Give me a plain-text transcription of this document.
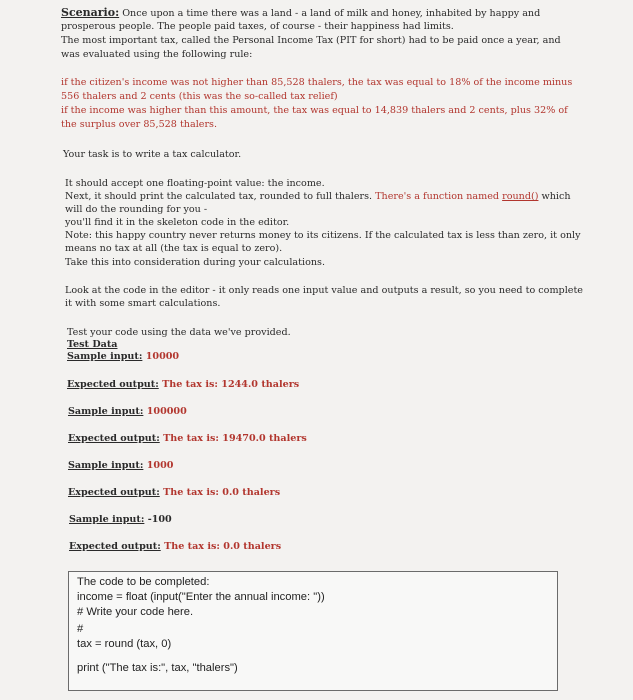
Scenario: Once upon a time there was a land - a land of milk and honey, inhabited by happy and
prosperous people. The people paid taxes, of course - their happiness had limits.
The most important tax, called the Personal Income Tax (PIT for short) had to be paid once a year, and
was evaluated using the following rule:
if the citizen's income was not higher than 85,528 thalers, the tax was equal to 18% of the income minus
556 thalers and 2 cents (this was the so-called tax relief)
if the income was higher than this amount, the tax was equal to 14,839 thalers and 2 cents, plus 32% of
the surplus over 85,528 thalers.
Your task is to write a tax calculator.
It should accept one floating-point value: the income.
Next, it should print the calculated tax, rounded to full thalers. There's a function named round() which
will do the rounding for you -
you'll find it in the skeleton code in the editor.
Note: this happy country never returns money to its citizens. If the calculated tax is less than zero, it only
means no tax at all (the tax is equal to zero).
Take this into consideration during your calculations.
Look at the code in the editor - it only reads one input value and outputs a result, so you need to complete
it with some smart calculations.
Test your code using the data we've provided.
Test Data
Sample input: 10000
Expected output: The tax is: 1244.0 thalers
Sample input: 100000
Expected output: The tax is: 19470.0 thalers
Sample input: 1000
Expected output: The tax is: 0.0 thalers
Sample input: -100
Expected output: The tax is: 0.0 thalers
The code to be completed:
income = float (input("Enter the annual income: "))
# Write your code here.
#
tax = round (tax, 0)
print ("The tax is:", tax, "thalers")
